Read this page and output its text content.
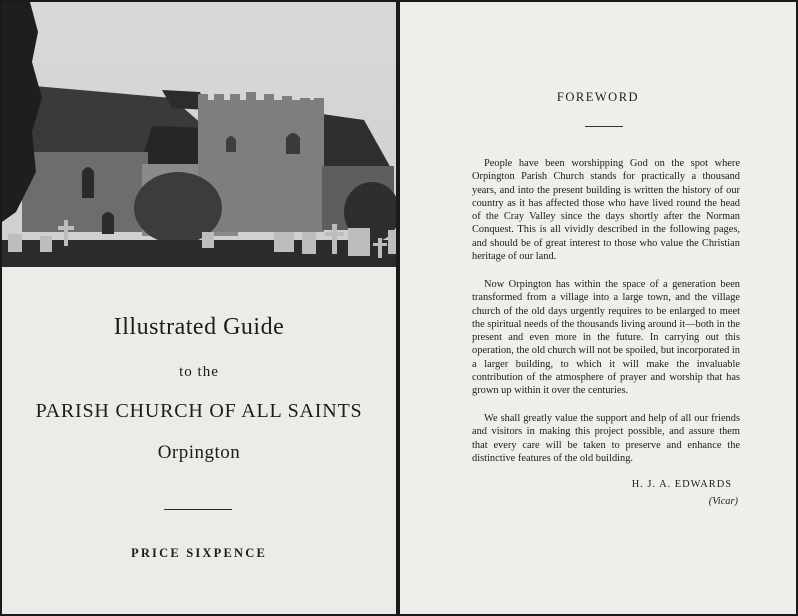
Illustrated Guide
to the
PARISH CHURCH OF ALL SAINTS
Orpington
PRICE SIXPENCE
FOREWORD

People have been worshipping God on the spot where Orpington Parish Church stands for practically a thousand years, and into the present building is written the history of our country as it has affected those who have lived round the head of the Cray Valley since the days shortly after the Norman Conquest. This is all vividly described in the following pages, and should be of great interest to those who value the Christian heritage of our land.

Now Orpington has within the space of a generation been transformed from a village into a large town, and the village church of the old days urgently requires to be enlarged to meet the spiritual needs of the thousands living around it—both in the present and even more in the future. In carrying out this operation, the old church will not be spoiled, but incorporated in a larger building, to which it will make the invaluable contribution of the atmosphere of prayer and worship that has grown up within it over the centuries.

We shall greatly value the support and help of all our friends and visitors in making this project possible, and assure them that every care will be taken to preserve and enhance the distinctive features of the old building.

H. J. A. EDWARDS
(Vicar)
